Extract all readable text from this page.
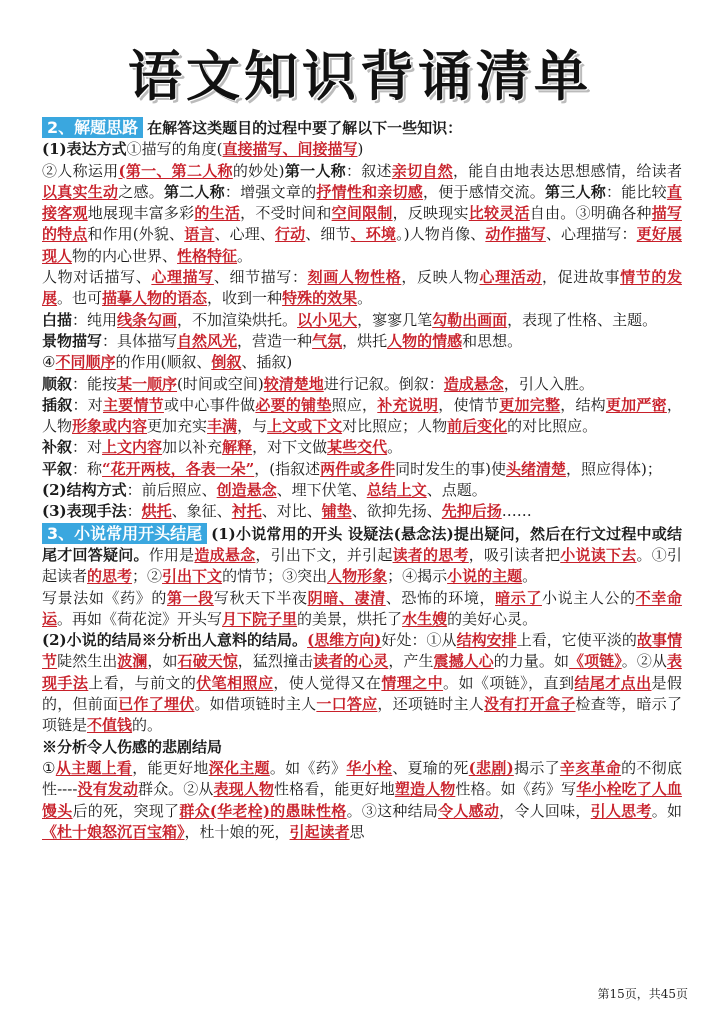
语文知识背诵清单

2、解题思路 在解答这类题目的过程中要了解以下一些知识：

(1)表达方式①描写的角度(直接描写、间接描写)

②人称运用(第一、第二人称的妙处)第一人称：叙述亲切自然，能自由地表达思想感情，给读者以真实生动之感。第二人称：增强文章的抒情性和亲切感，便于感情交流。第三人称：能比较直接客观地展现丰富多彩的生活，不受时间和空间限制，反映现实比较灵活自由。③明确各种描写的特点和作用(外貌、语言、心理、行动、细节、环境。)人物肖像、动作描写、心理描写：更好展现人物的内心世界、性格特征。

人物对话描写、心理描写、细节描写：刻画人物性格，反映人物心理活动，促进故事情节的发展。也可描摹人物的语态，收到一种特殊的效果。

白描：纯用线条勾画，不加渲染烘托。以小见大，寥寥几笔勾勒出画面，表现了性格、主题。

景物描写：具体描写自然风光，营造一种气氛，烘托人物的情感和思想。

④不同顺序的作用(顺叙、倒叙、插叙)

顺叙：能按某一顺序(时间或空间)较清楚地进行记叙。倒叙：造成悬念，引人入胜。

插叙：对主要情节或中心事件做必要的铺垫照应，补充说明，使情节更加完整，结构更加严密，人物形象或内容更加充实丰满，与上文或下文对比照应；人物前后变化的对比照应。

补叙：对上文内容加以补充解释，对下文做某些交代。

平叙：称“花开两枝，各表一朵”，(指叙述两件或多件同时发生的事)使头绪清楚，照应得体)；

(2)结构方式：前后照应、创造悬念、埋下伏笔、总结上文、点题。

(3)表现手法：烘托、象征、衬托、对比、铺垫、欲抑先扬、先抑后扬……

3、小说常用开头结尾 (1)小说常用的开头 设疑法(悬念法)提出疑问，然后在行文过程中或结尾才回答疑问。作用是造成悬念，引出下文，并引起读者的思考，吸引读者把小说读下去。①引起读者的思考；②引出下文的情节；③突出人物形象；④揭示小说的主题。

写景法如《药》的第一段写秋天下半夜阴暗、凄清、恐怖的环境，暗示了小说主人公的不幸命运。再如《荷花淀》开头写月下院子里的美景，烘托了水生嫂的美好心灵。

(2)小说的结局※分析出人意料的结局。(思维方向)好处：①从结构安排上看，它使平淡的故事情节陡然生出波澜，如石破天惊，猛烈撞击读者的心灵，产生震撼人心的力量。如《项链》。②从表现手法上看，与前文的伏笔相照应，使人觉得又在情理之中。如《项链》，直到结尾才点出是假的，但前面已作了埋伏。如借项链时主人一口答应，还项链时主人没有打开盒子检查等，暗示了项链是不值钱的。

※分析令人伤感的悲剧结局

①从主题上看，能更好地深化主题。如《药》华小栓、夏瑜的死(悲剧)揭示了辛亥革命的不彻底性----没有发动群众。②从表现人物性格看，能更好地塑造人物性格。如《药》写华小栓吃了人血馒头后的死，突现了群众(华老栓)的愚昧性格。③这种结局令人感动，令人回味，引人思考。如《杜十娘怒沉百宝箱》，杜十娘的死，引起读者思

第15页，共45页
